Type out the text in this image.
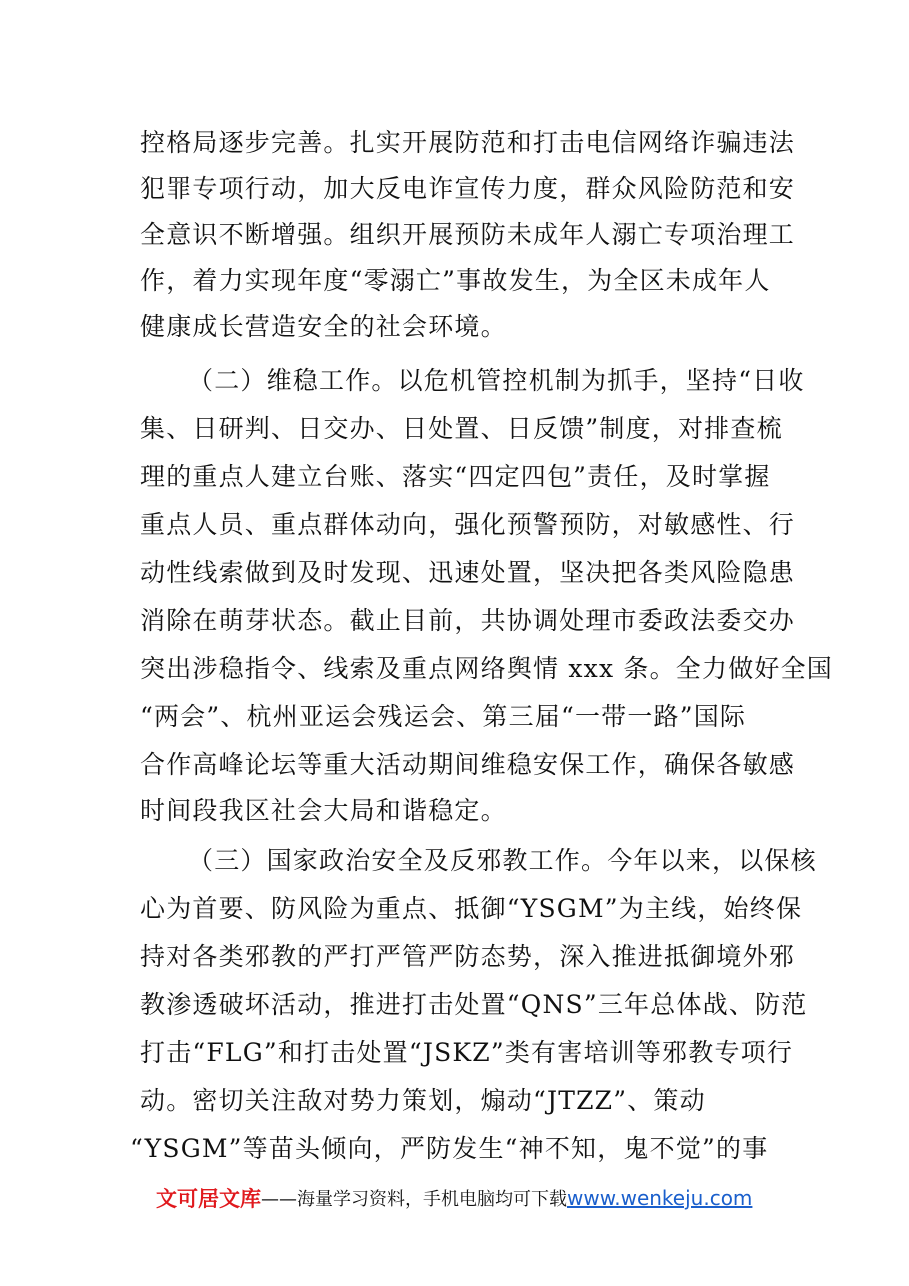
控格局逐步完善。扎实开展防范和打击电信网络诈骗违法
犯罪专项行动，加大反电诈宣传力度，群众风险防范和安
全意识不断增强。组织开展预防未成年人溺亡专项治理工
作，着力实现年度“零溺亡”事故发生，为全区未成年人
健康成长营造安全的社会环境。
（二）维稳工作。以危机管控机制为抓手，坚持“日收
集、日研判、日交办、日处置、日反馈”制度，对排查梳
理的重点人建立台账、落实“四定四包”责任，及时掌握
重点人员、重点群体动向，强化预警预防，对敏感性、行
动性线索做到及时发现、迅速处置，坚决把各类风险隐患
消除在萌芽状态。截止目前，共协调处理市委政法委交办
突出涉稳指令、线索及重点网络舆情 xxx 条。全力做好全国
“两会”、杭州亚运会残运会、第三届“一带一路”国际
合作高峰论坛等重大活动期间维稳安保工作，确保各敏感
时间段我区社会大局和谐稳定。
（三）国家政治安全及反邪教工作。今年以来，以保核
心为首要、防风险为重点、抵御“YSGM”为主线，始终保
持对各类邪教的严打严管严防态势，深入推进抵御境外邪
教渗透破坏活动，推进打击处置“QNS”三年总体战、防范
打击“FLG”和打击处置“JSKZ”类有害培训等邪教专项行
动。密切关注敌对势力策划，煽动“JTZZ”、策动
“YSGM”等苗头倾向，严防发生“神不知，鬼不觉”的事
文可居文库——海量学习资料，手机电脑均可下载www.wenkeju.com
